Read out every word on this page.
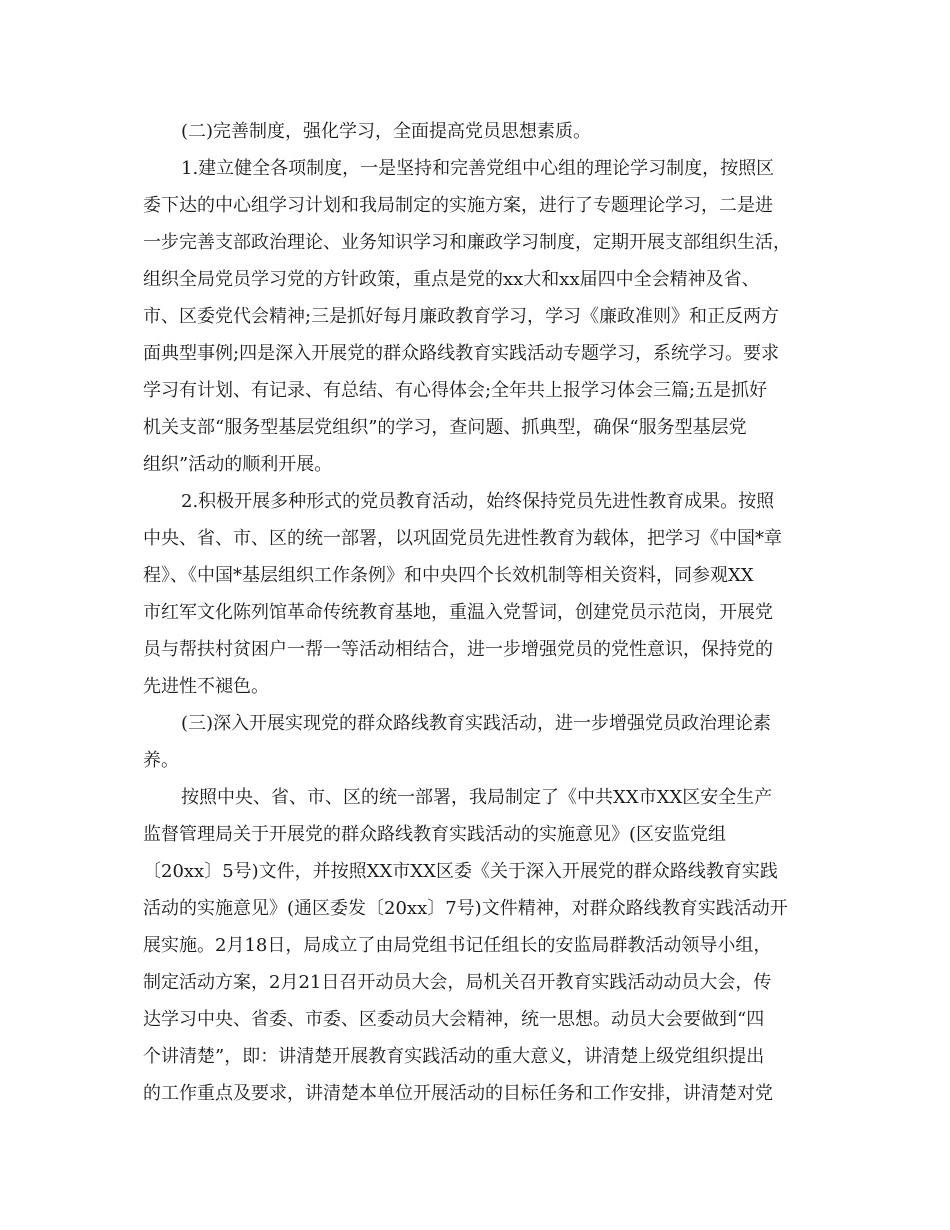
(二)完善制度，强化学习，全面提高党员思想素质。
1.建立健全各项制度，一是坚持和完善党组中心组的理论学习制度，按照区
委下达的中心组学习计划和我局制定的实施方案，进行了专题理论学习，二是进
一步完善支部政治理论、业务知识学习和廉政学习制度，定期开展支部组织生活，
组织全局党员学习党的方针政策，重点是党的xx大和xx届四中全会精神及省、
市、区委党代会精神;三是抓好每月廉政教育学习，学习《廉政准则》和正反两方
面典型事例;四是深入开展党的群众路线教育实践活动专题学习，系统学习。要求
学习有计划、有记录、有总结、有心得体会;全年共上报学习体会三篇;五是抓好
机关支部“服务型基层党组织”的学习，查问题、抓典型，确保“服务型基层党
组织”活动的顺利开展。
2.积极开展多种形式的党员教育活动，始终保持党员先进性教育成果。按照
中央、省、市、区的统一部署，以巩固党员先进性教育为载体，把学习《中国*章
程》、《中国*基层组织工作条例》和中央四个长效机制等相关资料，同参观XX
市红军文化陈列馆革命传统教育基地，重温入党誓词，创建党员示范岗，开展党
员与帮扶村贫困户一帮一等活动相结合，进一步增强党员的党性意识，保持党的
先进性不褪色。
(三)深入开展实现党的群众路线教育实践活动，进一步增强党员政治理论素
养。
按照中央、省、市、区的统一部署，我局制定了《中共XX市XX区安全生产
监督管理局关于开展党的群众路线教育实践活动的实施意见》(区安监党组
〔20xx〕5号)文件，并按照XX市XX区委《关于深入开展党的群众路线教育实践
活动的实施意见》(通区委发〔20xx〕7号)文件精神，对群众路线教育实践活动开
展实施。2月18日，局成立了由局党组书记任组长的安监局群教活动领导小组，
制定活动方案，2月21日召开动员大会，局机关召开教育实践活动动员大会，传
达学习中央、省委、市委、区委动员大会精神，统一思想。动员大会要做到“四
个讲清楚”，即：讲清楚开展教育实践活动的重大意义，讲清楚上级党组织提出
的工作重点及要求，讲清楚本单位开展活动的目标任务和工作安排，讲清楚对党
